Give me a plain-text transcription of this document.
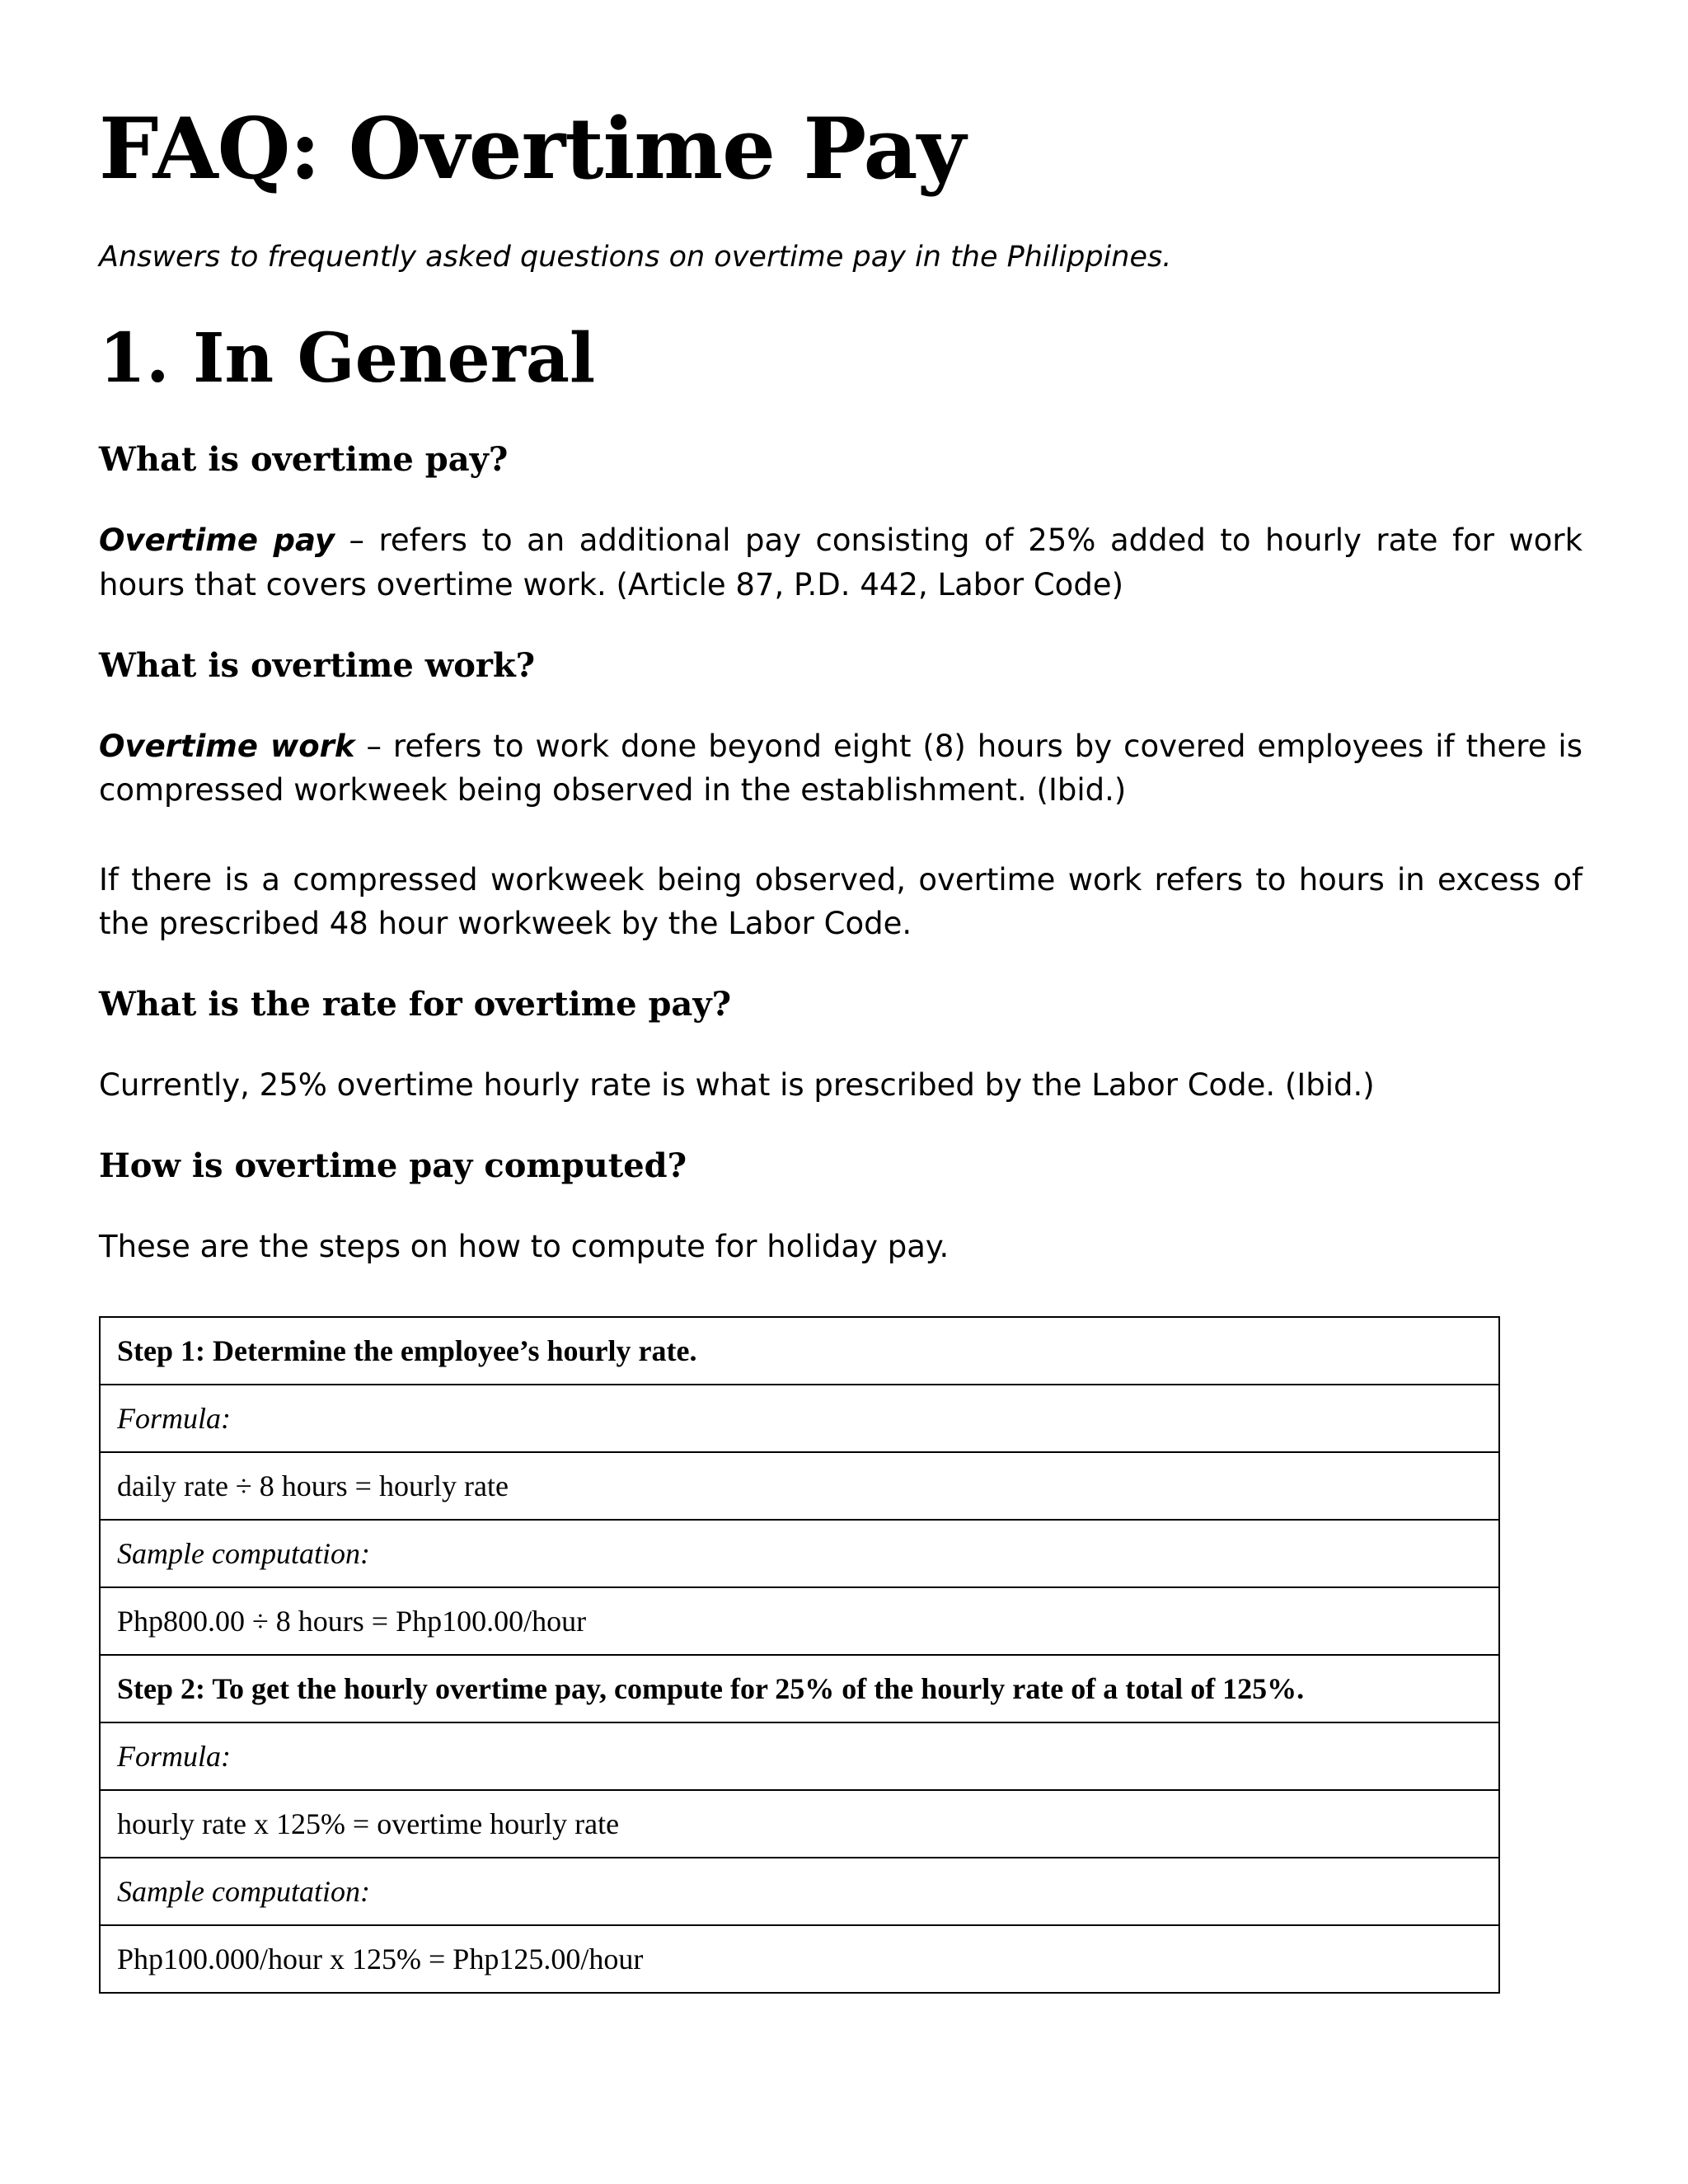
FAQ: Overtime Pay

Answers to frequently asked questions on overtime pay in the Philippines.

1. In General
What is overtime pay?

Overtime pay – refers to an additional pay consisting of 25% added to hourly rate for work hours that covers overtime work. (Article 87, P.D. 442, Labor Code)

What is overtime work?

Overtime work – refers to work done beyond eight (8) hours by covered employees if there is compressed workweek being observed in the establishment. (Ibid.)

If there is a compressed workweek being observed, overtime work refers to hours in excess of the prescribed 48 hour workweek by the Labor Code.

What is the rate for overtime pay?

Currently, 25% overtime hourly rate is what is prescribed by the Labor Code. (Ibid.)

How is overtime pay computed?

These are the steps on how to compute for holiday pay.

Step 1: Determine the employee’s hourly rate.
Formula:
daily rate ÷ 8 hours = hourly rate
Sample computation:
Php800.00 ÷ 8 hours = Php100.00/hour
Step 2: To get the hourly overtime pay, compute for 25% of the hourly rate of a total of 125%.
Formula:
hourly rate x 125% = overtime hourly rate
Sample computation:
Php100.000/hour x 125% = Php125.00/hour
